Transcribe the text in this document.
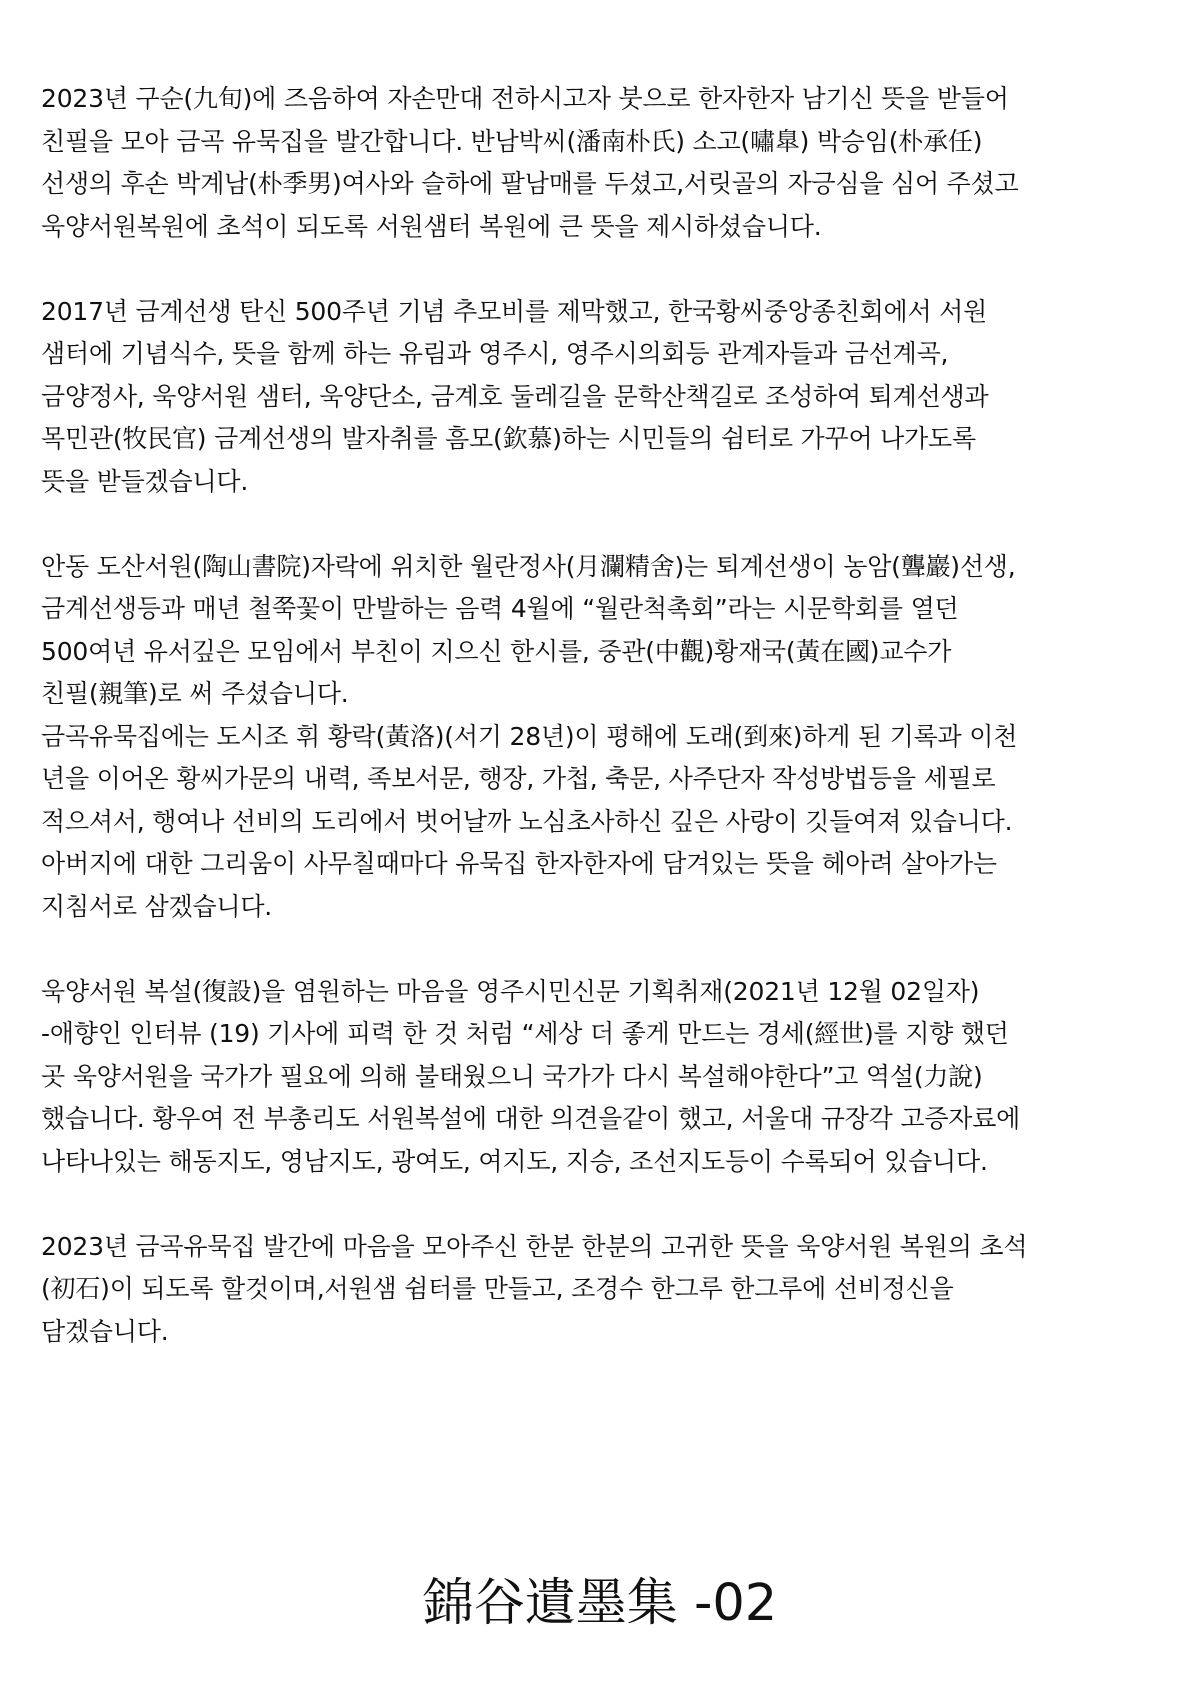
2023년 구순(九旬)에 즈음하여 자손만대 전하시고자 붓으로 한자한자 남기신 뜻을 받들어
친필을 모아 금곡 유묵집을 발간합니다. 반남박씨(潘南朴氏) 소고(嘯臯) 박승임(朴承任)
선생의 후손 박계남(朴季男)여사와 슬하에 팔남매를 두셨고,서릿골의 자긍심을 심어 주셨고
욱양서원복원에 초석이 되도록 서원샘터 복원에 큰 뜻을 제시하셨습니다.
2017년 금계선생 탄신 500주년 기념 추모비를 제막했고, 한국황씨중앙종친회에서 서원
샘터에 기념식수, 뜻을 함께 하는 유림과 영주시, 영주시의회등 관계자들과 금선계곡,
금양정사, 욱양서원 샘터, 욱양단소, 금계호 둘레길을 문학산책길로 조성하여 퇴계선생과
목민관(牧民官) 금계선생의 발자취를 흠모(欽慕)하는 시민들의 쉼터로 가꾸어 나가도록
뜻을 받들겠습니다.
안동 도산서원(陶山書院)자락에 위치한 월란정사(月瀾精舍)는 퇴계선생이 농암(聾巖)선생,
금계선생등과 매년 철쭉꽃이 만발하는 음력 4월에 “월란척촉회”라는 시문학회를 열던
500여년 유서깊은 모임에서 부친이 지으신 한시를, 중관(中觀)황재국(黃在國)교수가
친필(親筆)로 써 주셨습니다.
금곡유묵집에는 도시조 휘 황락(黃洛)(서기 28년)이 평해에 도래(到來)하게 된 기록과 이천
년을 이어온 황씨가문의 내력, 족보서문, 행장, 가첩, 축문, 사주단자 작성방법등을 세필로
적으셔서, 행여나 선비의 도리에서 벗어날까 노심초사하신 깊은 사랑이 깃들여져 있습니다.
아버지에 대한 그리움이 사무칠때마다 유묵집 한자한자에 담겨있는 뜻을 헤아려 살아가는
지침서로 삼겠습니다.
욱양서원 복설(復設)을 염원하는 마음을 영주시민신문 기획취재(2021년 12월 02일자)
-애향인 인터뷰 (19) 기사에 피력 한 것 처럼 “세상 더 좋게 만드는 경세(經世)를 지향 했던
곳 욱양서원을 국가가 필요에 의해 불태웠으니 국가가 다시 복설해야한다”고 역설(力說)
했습니다. 황우여 전 부총리도 서원복설에 대한 의견을같이 했고, 서울대 규장각 고증자료에
나타나있는 해동지도, 영남지도, 광여도, 여지도, 지승, 조선지도등이 수록되어 있습니다.
2023년 금곡유묵집 발간에 마음을 모아주신 한분 한분의 고귀한 뜻을 욱양서원 복원의 초석
(初石)이 되도록 할것이며,서원샘 쉼터를 만들고, 조경수 한그루 한그루에 선비정신을
담겠습니다.
錦谷遺墨集 -02
